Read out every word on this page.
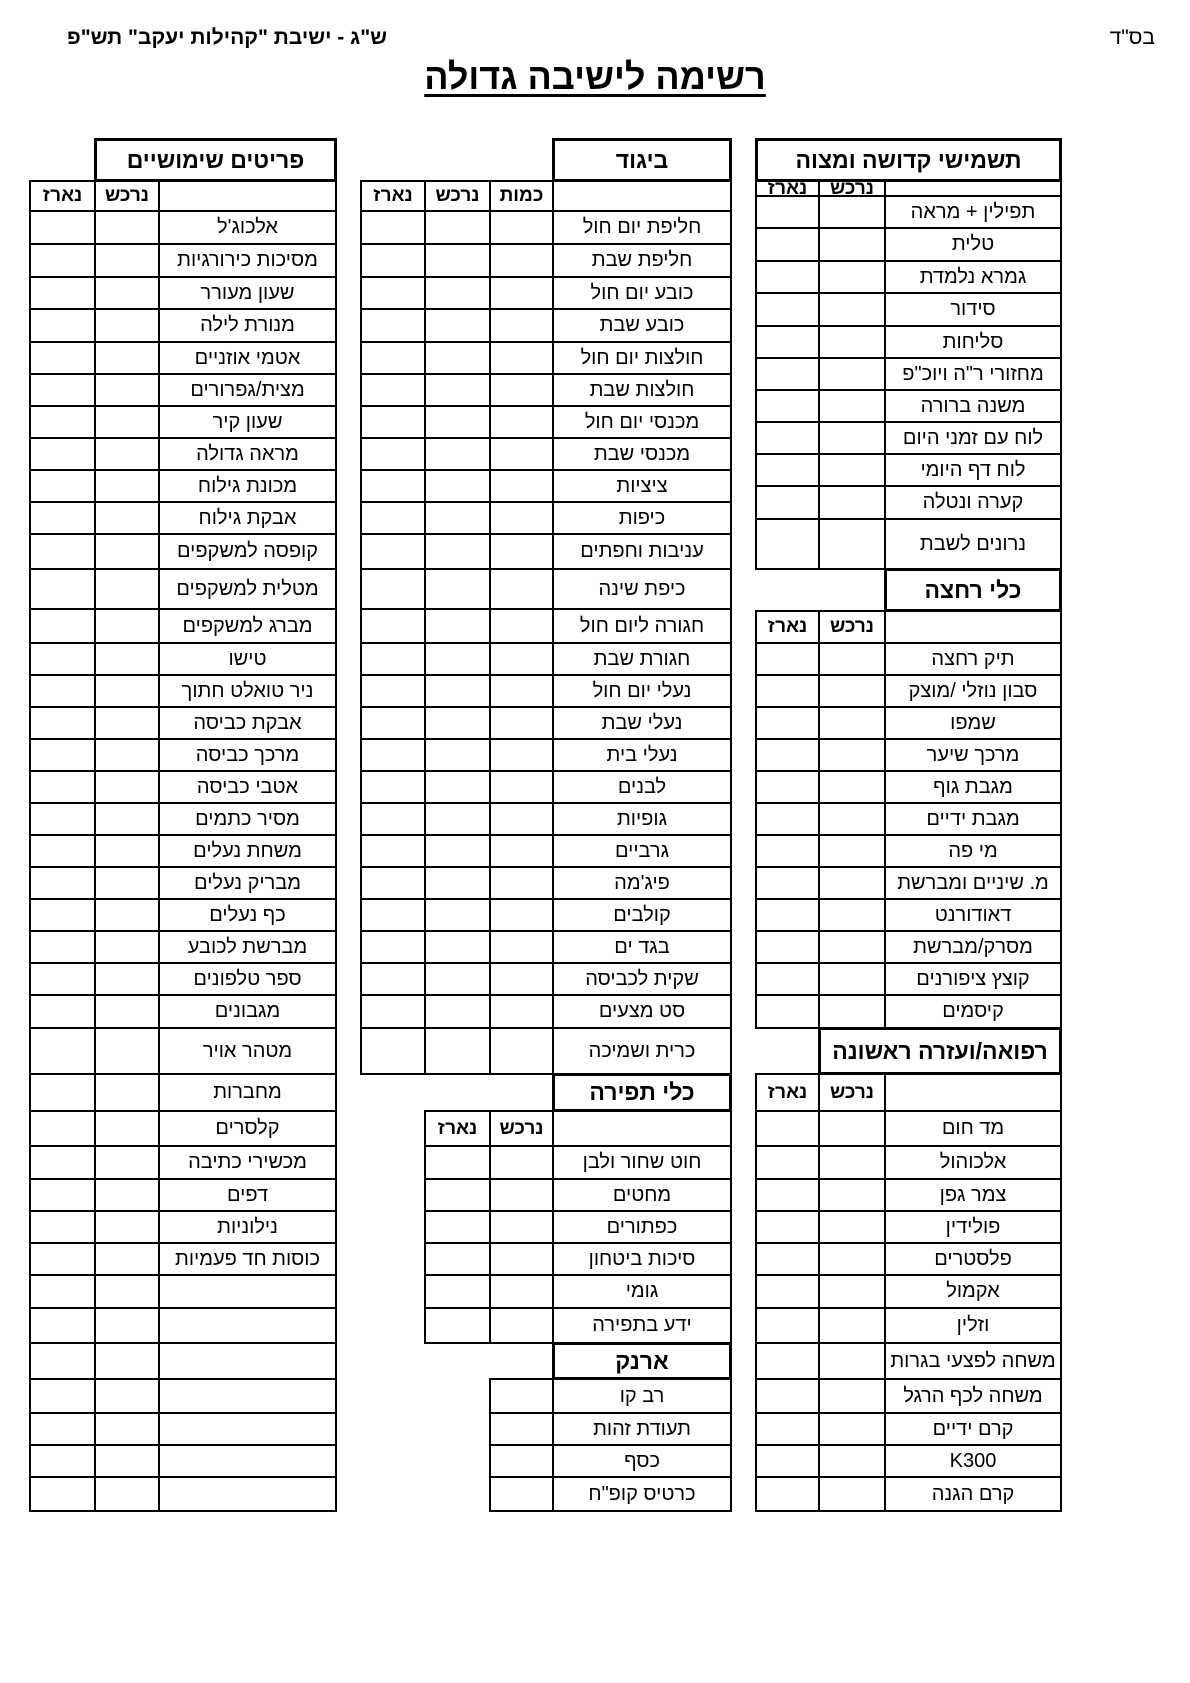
בס"ד
ש"ג - ישיבת "קהילות יעקב" תש"פ
רשימה לישיבה גדולה
תשמישי קדושה ומצוה
נרכש
נארז
תפילין + מראה
טלית
גמרא נלמדת
סידור
סליחות
מחזורי ר"ה ויוכ"פ
משנה ברורה
לוח עם זמני היום
לוח דף היומי
קערה ונטלה
נרונים לשבת
כלי רחצה
נרכש
נארז
תיק רחצה
סבון נוזלי /מוצק
שמפו
מרכך שיער
מגבת גוף
מגבת ידיים
מי פה
מ. שיניים ומברשת
דאודורנט
מסרק/מברשת
קוצץ ציפורנים
קיסמים
רפואה/ועזרה ראשונה
נרכש
נארז
מד חום
אלכוהול
צמר גפן
פולידין
פלסטרים
אקמול
וזלין
משחה לפצעי בגרות
משחה לכף הרגל
קרם ידיים
K300
קרם הגנה
ביגוד
כמות
נרכש
נארז
חליפת יום חול
חליפת שבת
כובע יום חול
כובע שבת
חולצות יום חול
חולצות שבת
מכנסי יום חול
מכנסי שבת
ציציות
כיפות
עניבות וחפתים
כיפת שינה
חגורה ליום חול
חגורת שבת
נעלי יום חול
נעלי שבת
נעלי בית
לבנים
גופיות
גרביים
פיג'מה
קולבים
בגד ים
שקית לכביסה
סט מצעים
כרית ושמיכה
כלי תפירה
נרכש
נארז
חוט שחור ולבן
מחטים
כפתורים
סיכות ביטחון
גומי
ידע בתפירה
ארנק
רב קו
תעודת זהות
כסף
כרטיס קופ"ח
פריטים שימושיים
נרכש
נארז
אלכוג'ל
מסיכות כירורגיות
שעון מעורר
מנורת לילה
אטמי אוזניים
מצית/גפרורים
שעון קיר
מראה גדולה
מכונת גילוח
אבקת גילוח
קופסה למשקפים
מטלית למשקפים
מברג למשקפים
טישו
ניר טואלט חתוך
אבקת כביסה
מרכך כביסה
אטבי כביסה
מסיר כתמים
משחת נעלים
מבריק נעלים
כף נעלים
מברשת לכובע
ספר טלפונים
מגבונים
מטהר אויר
מחברות
קלסרים
מכשירי כתיבה
דפים
נילוניות
כוסות חד פעמיות
